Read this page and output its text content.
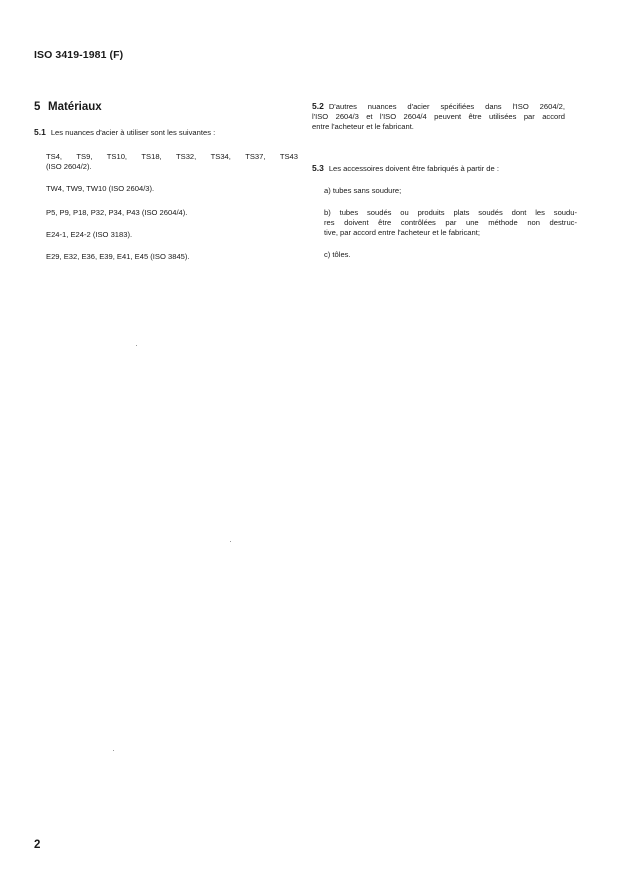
ISO 3419-1981 (F)
5 Matériaux
5.1 Les nuances d'acier à utiliser sont les suivantes :
TS4, TS9, TS10, TS18, TS32, TS34, TS37, TS43
(ISO 2604/2).
TW4, TW9, TW10 (ISO 2604/3).
P5, P9, P18, P32, P34, P43 (ISO 2604/4).
E24-1, E24-2 (ISO 3183).
E29, E32, E36, E39, E41, E45 (ISO 3845).
5.2 D'autres nuances d'acier spécifiées dans l'ISO 2604/2,
l'ISO 2604/3 et l'ISO 2604/4 peuvent être utilisées par accord
entre l'acheteur et le fabricant.
5.3 Les accessoires doivent être fabriqués à partir de :
a) tubes sans soudure;
b) tubes soudés ou produits plats soudés dont les soudu-
res doivent être contrôlées par une méthode non destruc-
tive, par accord entre l'acheteur et le fabricant;
c) tôles.
2
